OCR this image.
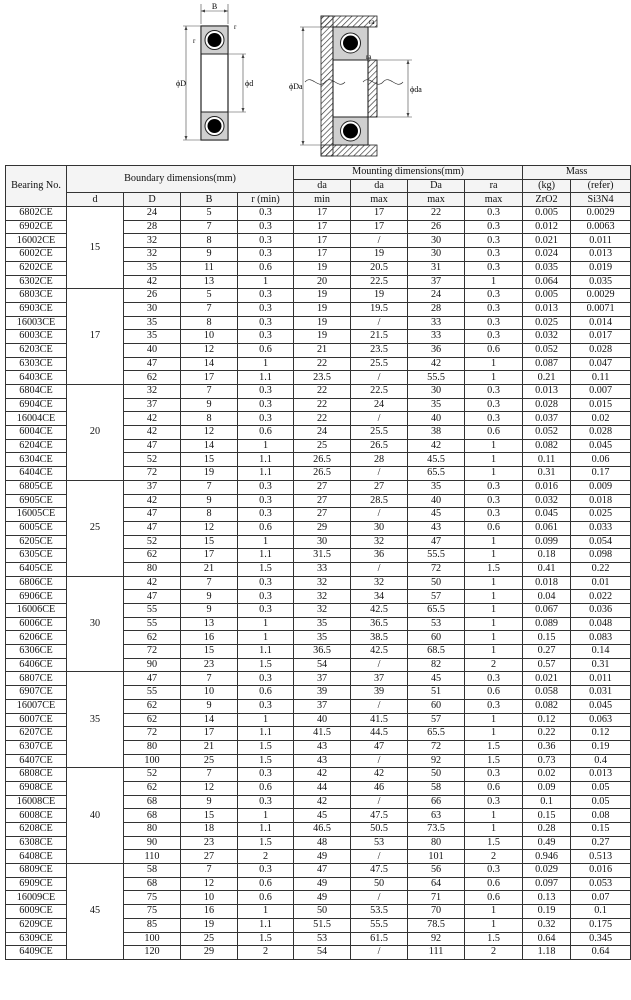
B
r
r
ϕD	ϕd	ϕDa	ϕda
ra
ra
Bearing No.	Boundary dimensions(mm)				Mounting dimensions(mm)				Mass	
					da	da	Da	ra	(kg)	(refer)
	d	D	B	r (min)	min	max	max	max	ZrO2	Si3N4
6802CE	15	24	5	0.3	17	17	22	0.3	0.005	0.0029
6902CE		28	7	0.3	17	17	26	0.3	0.012	0.0063
16002CE		32	8	0.3	17	/	30	0.3	0.021	0.011
6002CE		32	9	0.3	17	19	30	0.3	0.024	0.013
6202CE		35	11	0.6	19	20.5	31	0.3	0.035	0.019
6302CE		42	13	1	20	22.5	37	1	0.064	0.035
6803CE	17	26	5	0.3	19	19	24	0.3	0.005	0.0029
6903CE		30	7	0.3	19	19.5	28	0.3	0.013	0.0071
16003CE		35	8	0.3	19	/	33	0.3	0.025	0.014
6003CE		35	10	0.3	19	21.5	33	0.3	0.032	0.017
6203CE		40	12	0.6	21	23.5	36	0.6	0.052	0.028
6303CE		47	14	1	22	25.5	42	1	0.087	0.047
6403CE		62	17	1.1	23.5	/	55.5	1	0.21	0.11
6804CE	20	32	7	0.3	22	22.5	30	0.3	0.013	0.007
6904CE		37	9	0.3	22	24	35	0.3	0.028	0.015
16004CE		42	8	0.3	22	/	40	0.3	0.037	0.02
6004CE		42	12	0.6	24	25.5	38	0.6	0.052	0.028
6204CE		47	14	1	25	26.5	42	1	0.082	0.045
6304CE		52	15	1.1	26.5	28	45.5	1	0.11	0.06
6404CE		72	19	1.1	26.5	/	65.5	1	0.31	0.17
6805CE	25	37	7	0.3	27	27	35	0.3	0.016	0.009
6905CE		42	9	0.3	27	28.5	40	0.3	0.032	0.018
16005CE		47	8	0.3	27	/	45	0.3	0.045	0.025
6005CE		47	12	0.6	29	30	43	0.6	0.061	0.033
6205CE		52	15	1	30	32	47	1	0.099	0.054
6305CE		62	17	1.1	31.5	36	55.5	1	0.18	0.098
6405CE		80	21	1.5	33	/	72	1.5	0.41	0.22
6806CE	30	42	7	0.3	32	32	50	1	0.018	0.01
6906CE		47	9	0.3	32	34	57	1	0.04	0.022
16006CE		55	9	0.3	32	42.5	65.5	1	0.067	0.036
6006CE		55	13	1	35	36.5	53	1	0.089	0.048
6206CE		62	16	1	35	38.5	60	1	0.15	0.083
6306CE		72	15	1.1	36.5	42.5	68.5	1	0.27	0.14
6406CE		90	23	1.5	54	/	82	2	0.57	0.31
6807CE	35	47	7	0.3	37	37	45	0.3	0.021	0.011
6907CE		55	10	0.6	39	39	51	0.6	0.058	0.031
16007CE		62	9	0.3	37	/	60	0.3	0.082	0.045
6007CE		62	14	1	40	41.5	57	1	0.12	0.063
6207CE		72	17	1.1	41.5	44.5	65.5	1	0.22	0.12
6307CE		80	21	1.5	43	47	72	1.5	0.36	0.19
6407CE		100	25	1.5	43	/	92	1.5	0.73	0.4
6808CE	40	52	7	0.3	42	42	50	0.3	0.02	0.013
6908CE		62	12	0.6	44	46	58	0.6	0.09	0.05
16008CE		68	9	0.3	42	/	66	0.3	0.1	0.05
6008CE		68	15	1	45	47.5	63	1	0.15	0.08
6208CE		80	18	1.1	46.5	50.5	73.5	1	0.28	0.15
6308CE		90	23	1.5	48	53	80	1.5	0.49	0.27
6408CE		110	27	2	49	/	101	2	0.946	0.513
6809CE	45	58	7	0.3	47	47.5	56	0.3	0.029	0.016
6909CE		68	12	0.6	49	50	64	0.6	0.097	0.053
16009CE		75	10	0.6	49	/	71	0.6	0.13	0.07
6009CE		75	16	1	50	53.5	70	1	0.19	0.1
6209CE		85	19	1.1	51.5	55.5	78.5	1	0.32	0.175
6309CE		100	25	1.5	53	61.5	92	1.5	0.64	0.345
6409CE		120	29	2	54	/	111	2	1.18	0.64
